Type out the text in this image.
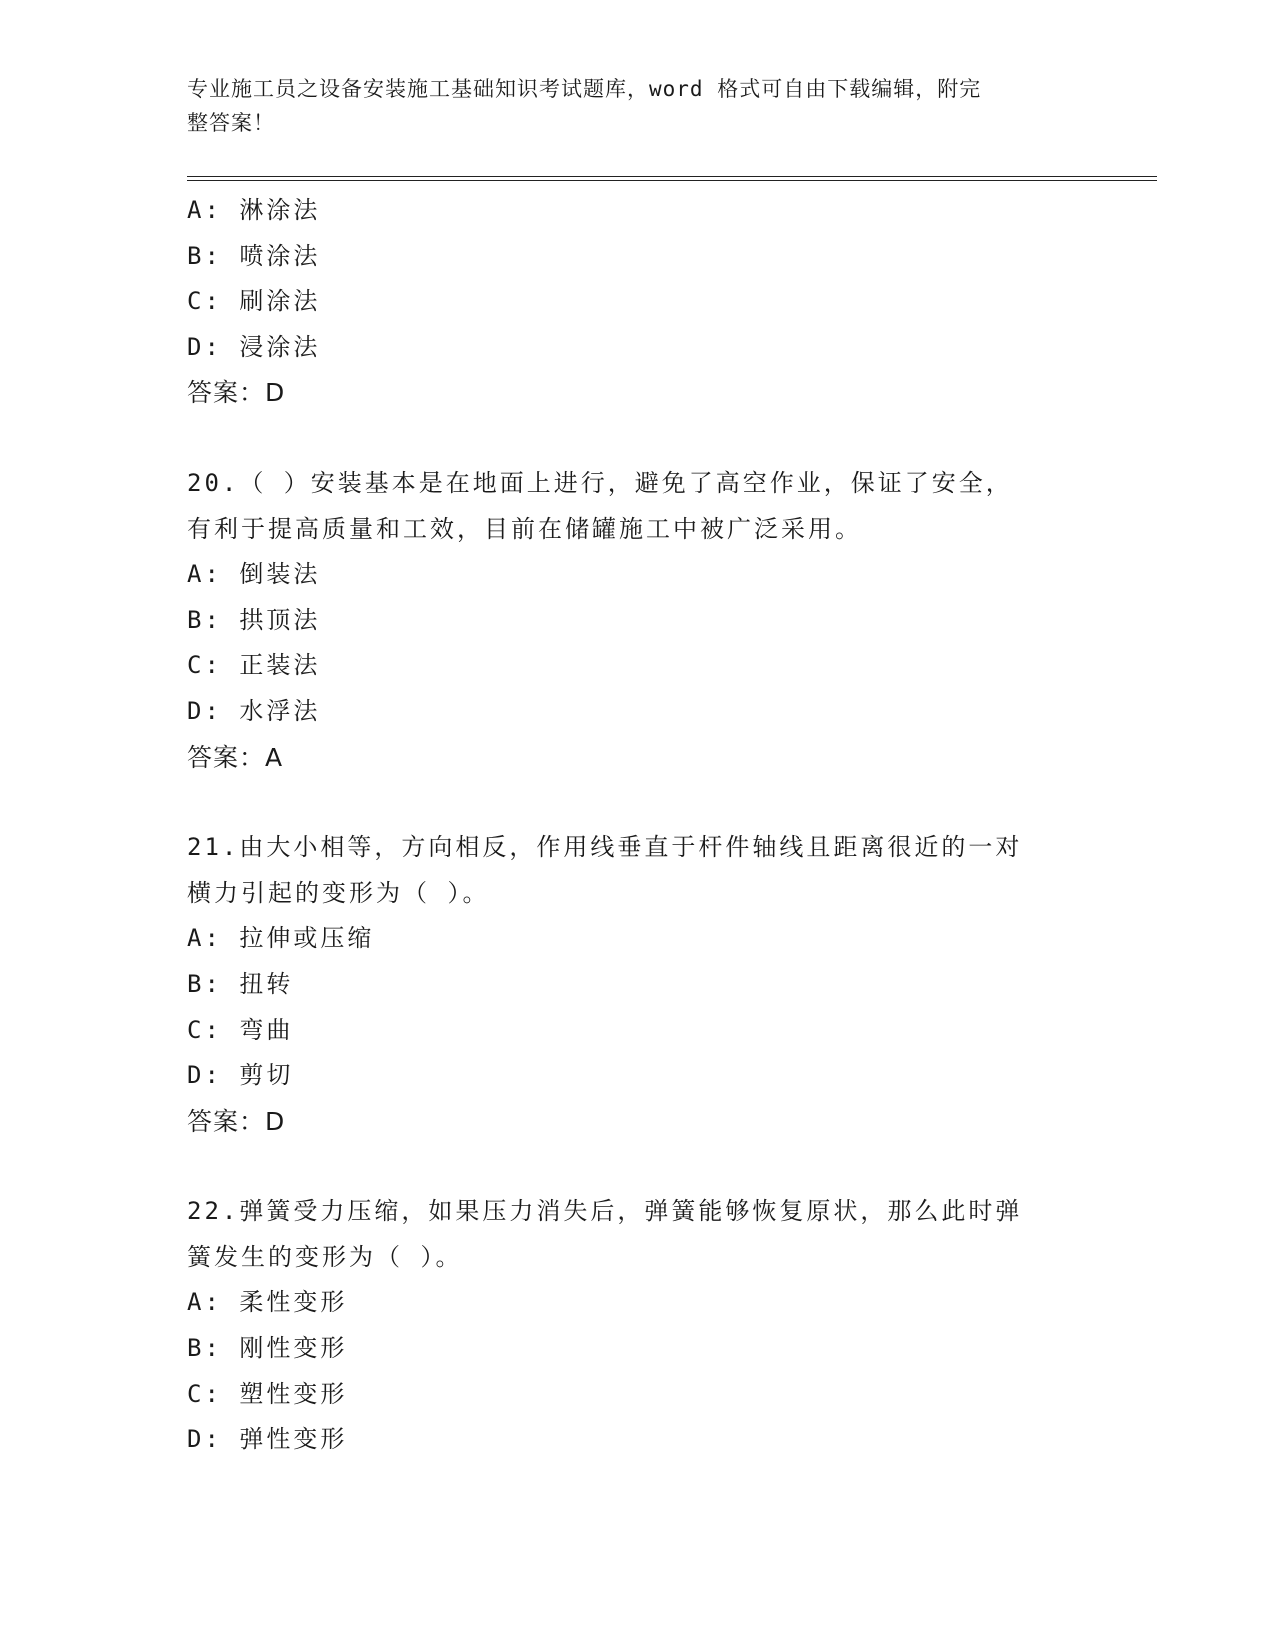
专业施工员之设备安装施工基础知识考试题库，word 格式可自由下载编辑，附完
整答案！
A: 淋涂法
B: 喷涂法
C: 刷涂法
D: 浸涂法
答案：D
20.（ ）安装基本是在地面上进行，避免了高空作业，保证了安全，
有利于提高质量和工效，目前在储罐施工中被广泛采用。
A: 倒装法
B: 拱顶法
C: 正装法
D: 水浮法
答案：A
21.由大小相等，方向相反，作用线垂直于杆件轴线且距离很近的一对
横力引起的变形为（ ）。
A: 拉伸或压缩
B: 扭转
C: 弯曲
D: 剪切
答案：D
22.弹簧受力压缩，如果压力消失后，弹簧能够恢复原状，那么此时弹
簧发生的变形为（ ）。
A: 柔性变形
B: 刚性变形
C: 塑性变形
D: 弹性变形
